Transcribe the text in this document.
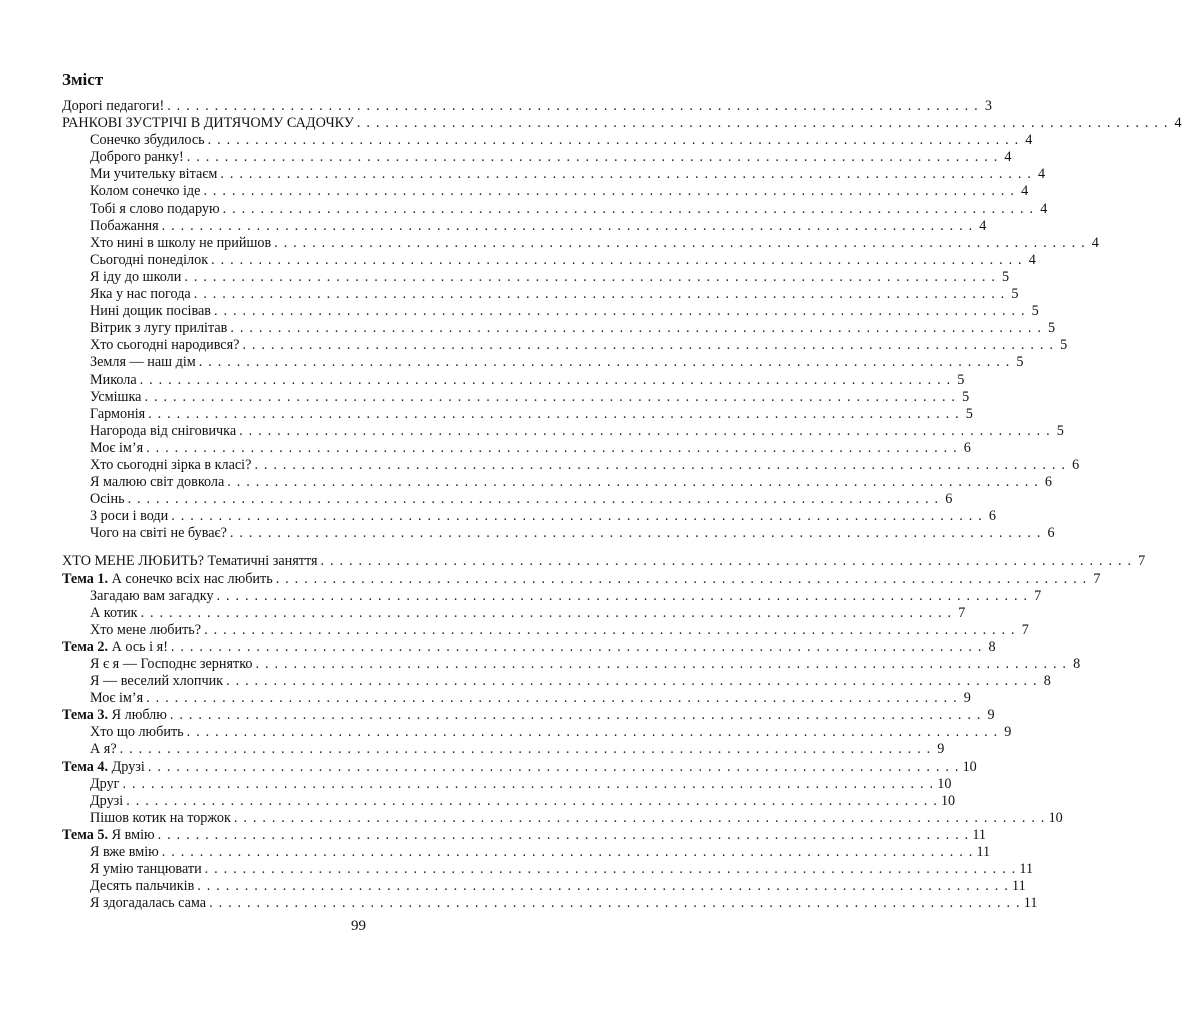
Зміст
Дорогі педагоги! . . . . . . . . . . . . . . . . . . . . . . . . . . . . . . . . . . . . . . . . . . . . . . . . . . . . . . . . . . . . . . . . . . . . . . . . . . . . . . . . . . . . . . 3
РАНКОВІ ЗУСТРІЧІ В ДИТЯЧОМУ САДОЧКУ . . . . . . . . . . . . . . . . . . . . . . . . . . . . . . . . . . . . . . . . . . . . . . . . . . . . . . . . . . . . . . . . . . . . . . . . . . . . . . . . . . . . . . 4
Сонечко збудилось . . . . . . . . . . . . . . . . . . . . . . . . . . . . . . . . . . . . . . . . . . . . . . . . . . . . . . . . . . . . . . . . . . . . . . . . . . . . . . . . . . . . . . 4
Доброго ранку! . . . . . . . . . . . . . . . . . . . . . . . . . . . . . . . . . . . . . . . . . . . . . . . . . . . . . . . . . . . . . . . . . . . . . . . . . . . . . . . . . . . . . . 4
Ми учительку вітаєм . . . . . . . . . . . . . . . . . . . . . . . . . . . . . . . . . . . . . . . . . . . . . . . . . . . . . . . . . . . . . . . . . . . . . . . . . . . . . . . . . . . . . . 4
Колом сонечко іде . . . . . . . . . . . . . . . . . . . . . . . . . . . . . . . . . . . . . . . . . . . . . . . . . . . . . . . . . . . . . . . . . . . . . . . . . . . . . . . . . . . . . . 4
Тобі я слово подарую . . . . . . . . . . . . . . . . . . . . . . . . . . . . . . . . . . . . . . . . . . . . . . . . . . . . . . . . . . . . . . . . . . . . . . . . . . . . . . . . . . . . . . 4
Побажання . . . . . . . . . . . . . . . . . . . . . . . . . . . . . . . . . . . . . . . . . . . . . . . . . . . . . . . . . . . . . . . . . . . . . . . . . . . . . . . . . . . . . . 4
Хто нині в школу не прийшов . . . . . . . . . . . . . . . . . . . . . . . . . . . . . . . . . . . . . . . . . . . . . . . . . . . . . . . . . . . . . . . . . . . . . . . . . . . . . . . . . . . . . . 4
Сьогодні понеділок . . . . . . . . . . . . . . . . . . . . . . . . . . . . . . . . . . . . . . . . . . . . . . . . . . . . . . . . . . . . . . . . . . . . . . . . . . . . . . . . . . . . . . 4
Я іду до школи . . . . . . . . . . . . . . . . . . . . . . . . . . . . . . . . . . . . . . . . . . . . . . . . . . . . . . . . . . . . . . . . . . . . . . . . . . . . . . . . . . . . . . 5
Яка у нас погода . . . . . . . . . . . . . . . . . . . . . . . . . . . . . . . . . . . . . . . . . . . . . . . . . . . . . . . . . . . . . . . . . . . . . . . . . . . . . . . . . . . . . . 5
Нині дощик посівав . . . . . . . . . . . . . . . . . . . . . . . . . . . . . . . . . . . . . . . . . . . . . . . . . . . . . . . . . . . . . . . . . . . . . . . . . . . . . . . . . . . . . . 5
Вітрик з лугу прилітав . . . . . . . . . . . . . . . . . . . . . . . . . . . . . . . . . . . . . . . . . . . . . . . . . . . . . . . . . . . . . . . . . . . . . . . . . . . . . . . . . . . . . . 5
Хто сьогодні народився? . . . . . . . . . . . . . . . . . . . . . . . . . . . . . . . . . . . . . . . . . . . . . . . . . . . . . . . . . . . . . . . . . . . . . . . . . . . . . . . . . . . . . . 5
Земля — наш дім . . . . . . . . . . . . . . . . . . . . . . . . . . . . . . . . . . . . . . . . . . . . . . . . . . . . . . . . . . . . . . . . . . . . . . . . . . . . . . . . . . . . . . 5
Микола . . . . . . . . . . . . . . . . . . . . . . . . . . . . . . . . . . . . . . . . . . . . . . . . . . . . . . . . . . . . . . . . . . . . . . . . . . . . . . . . . . . . . . 5
Усмішка . . . . . . . . . . . . . . . . . . . . . . . . . . . . . . . . . . . . . . . . . . . . . . . . . . . . . . . . . . . . . . . . . . . . . . . . . . . . . . . . . . . . . . 5
Гармонія . . . . . . . . . . . . . . . . . . . . . . . . . . . . . . . . . . . . . . . . . . . . . . . . . . . . . . . . . . . . . . . . . . . . . . . . . . . . . . . . . . . . . . 5
Нагорода від сніговичка . . . . . . . . . . . . . . . . . . . . . . . . . . . . . . . . . . . . . . . . . . . . . . . . . . . . . . . . . . . . . . . . . . . . . . . . . . . . . . . . . . . . . . 5
Моє ім’я . . . . . . . . . . . . . . . . . . . . . . . . . . . . . . . . . . . . . . . . . . . . . . . . . . . . . . . . . . . . . . . . . . . . . . . . . . . . . . . . . . . . . . 6
Хто сьогодні зірка в класі? . . . . . . . . . . . . . . . . . . . . . . . . . . . . . . . . . . . . . . . . . . . . . . . . . . . . . . . . . . . . . . . . . . . . . . . . . . . . . . . . . . . . . . 6
Я малюю світ довкола . . . . . . . . . . . . . . . . . . . . . . . . . . . . . . . . . . . . . . . . . . . . . . . . . . . . . . . . . . . . . . . . . . . . . . . . . . . . . . . . . . . . . . 6
Осінь . . . . . . . . . . . . . . . . . . . . . . . . . . . . . . . . . . . . . . . . . . . . . . . . . . . . . . . . . . . . . . . . . . . . . . . . . . . . . . . . . . . . . . 6
З роси і води . . . . . . . . . . . . . . . . . . . . . . . . . . . . . . . . . . . . . . . . . . . . . . . . . . . . . . . . . . . . . . . . . . . . . . . . . . . . . . . . . . . . . . 6
Чого на світі не буває? . . . . . . . . . . . . . . . . . . . . . . . . . . . . . . . . . . . . . . . . . . . . . . . . . . . . . . . . . . . . . . . . . . . . . . . . . . . . . . . . . . . . . . 6
ХТО МЕНЕ ЛЮБИТЬ? Тематичні заняття . . . . . . . . . . . . . . . . . . . . . . . . . . . . . . . . . . . . . . . . . . . . . . . . . . . . . . . . . . . . . . . . . . . . . . . . . . . . . . . . . . . . . . 7
Тема 1. А сонечко всіх нас любить . . . . . . . . . . . . . . . . . . . . . . . . . . . . . . . . . . . . . . . . . . . . . . . . . . . . . . . . . . . . . . . . . . . . . . . . . . . . . . . . . . . . . . 7
Загадаю вам загадку . . . . . . . . . . . . . . . . . . . . . . . . . . . . . . . . . . . . . . . . . . . . . . . . . . . . . . . . . . . . . . . . . . . . . . . . . . . . . . . . . . . . . . 7
А котик . . . . . . . . . . . . . . . . . . . . . . . . . . . . . . . . . . . . . . . . . . . . . . . . . . . . . . . . . . . . . . . . . . . . . . . . . . . . . . . . . . . . . . 7
Хто мене любить? . . . . . . . . . . . . . . . . . . . . . . . . . . . . . . . . . . . . . . . . . . . . . . . . . . . . . . . . . . . . . . . . . . . . . . . . . . . . . . . . . . . . . . 7
Тема 2. А ось і я! . . . . . . . . . . . . . . . . . . . . . . . . . . . . . . . . . . . . . . . . . . . . . . . . . . . . . . . . . . . . . . . . . . . . . . . . . . . . . . . . . . . . . . 8
Я є я — Господнє зернятко . . . . . . . . . . . . . . . . . . . . . . . . . . . . . . . . . . . . . . . . . . . . . . . . . . . . . . . . . . . . . . . . . . . . . . . . . . . . . . . . . . . . . . 8
Я — веселий хлопчик . . . . . . . . . . . . . . . . . . . . . . . . . . . . . . . . . . . . . . . . . . . . . . . . . . . . . . . . . . . . . . . . . . . . . . . . . . . . . . . . . . . . . . 8
Моє ім’я . . . . . . . . . . . . . . . . . . . . . . . . . . . . . . . . . . . . . . . . . . . . . . . . . . . . . . . . . . . . . . . . . . . . . . . . . . . . . . . . . . . . . . 9
Тема 3. Я люблю . . . . . . . . . . . . . . . . . . . . . . . . . . . . . . . . . . . . . . . . . . . . . . . . . . . . . . . . . . . . . . . . . . . . . . . . . . . . . . . . . . . . . . 9
Хто що любить . . . . . . . . . . . . . . . . . . . . . . . . . . . . . . . . . . . . . . . . . . . . . . . . . . . . . . . . . . . . . . . . . . . . . . . . . . . . . . . . . . . . . . 9
А я? . . . . . . . . . . . . . . . . . . . . . . . . . . . . . . . . . . . . . . . . . . . . . . . . . . . . . . . . . . . . . . . . . . . . . . . . . . . . . . . . . . . . . . 9
Тема 4. Друзі . . . . . . . . . . . . . . . . . . . . . . . . . . . . . . . . . . . . . . . . . . . . . . . . . . . . . . . . . . . . . . . . . . . . . . . . . . . . . . . . . . . . . . 10
Друг . . . . . . . . . . . . . . . . . . . . . . . . . . . . . . . . . . . . . . . . . . . . . . . . . . . . . . . . . . . . . . . . . . . . . . . . . . . . . . . . . . . . . . 10
Друзі . . . . . . . . . . . . . . . . . . . . . . . . . . . . . . . . . . . . . . . . . . . . . . . . . . . . . . . . . . . . . . . . . . . . . . . . . . . . . . . . . . . . . . 10
Пішов котик на торжок . . . . . . . . . . . . . . . . . . . . . . . . . . . . . . . . . . . . . . . . . . . . . . . . . . . . . . . . . . . . . . . . . . . . . . . . . . . . . . . . . . . . . . 10
Тема 5. Я вмію . . . . . . . . . . . . . . . . . . . . . . . . . . . . . . . . . . . . . . . . . . . . . . . . . . . . . . . . . . . . . . . . . . . . . . . . . . . . . . . . . . . . . . 11
Я вже вмію . . . . . . . . . . . . . . . . . . . . . . . . . . . . . . . . . . . . . . . . . . . . . . . . . . . . . . . . . . . . . . . . . . . . . . . . . . . . . . . . . . . . . . 11
Я умію танцювати . . . . . . . . . . . . . . . . . . . . . . . . . . . . . . . . . . . . . . . . . . . . . . . . . . . . . . . . . . . . . . . . . . . . . . . . . . . . . . . . . . . . . . 11
Десять пальчиків . . . . . . . . . . . . . . . . . . . . . . . . . . . . . . . . . . . . . . . . . . . . . . . . . . . . . . . . . . . . . . . . . . . . . . . . . . . . . . . . . . . . . . 11
Я здогадалась сама . . . . . . . . . . . . . . . . . . . . . . . . . . . . . . . . . . . . . . . . . . . . . . . . . . . . . . . . . . . . . . . . . . . . . . . . . . . . . . . . . . . . . . 11
99
